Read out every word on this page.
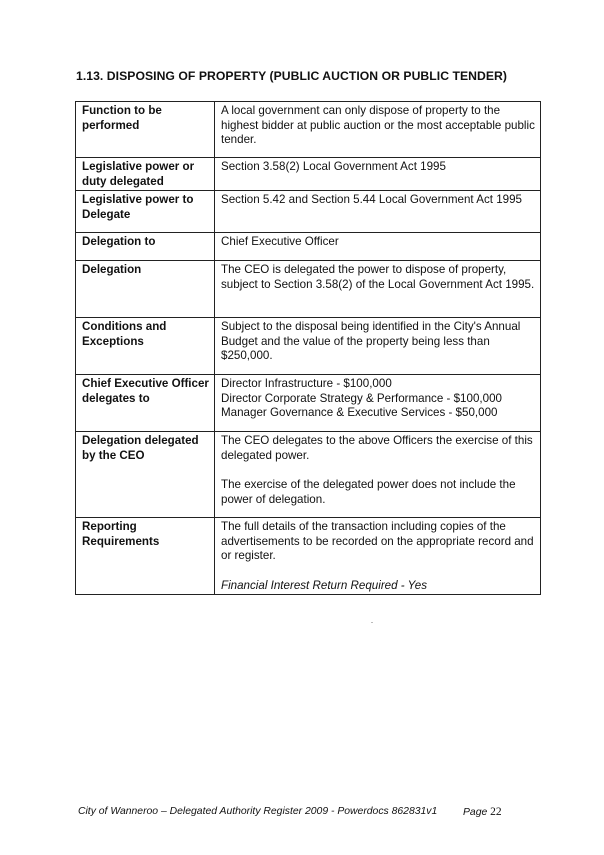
1.13. DISPOSING OF PROPERTY (PUBLIC AUCTION OR PUBLIC TENDER)
Function to be performed	A local government can only dispose of property to the highest bidder at public auction or the most acceptable public tender.

Legislative power or duty delegated	Section 3.58(2) Local Government Act 1995

Legislative power to Delegate	Section 5.42 and Section 5.44 Local Government Act 1995

Delegation to	Chief Executive Officer

Delegation	The CEO is delegated the power to dispose of property, subject to Section 3.58(2) of the Local Government Act 1995.

Conditions and Exceptions	Subject to the disposal being identified in the City's Annual Budget and the value of the property being less than $250,000.

Chief Executive Officer delegates to	Director Infrastructure - $100,000
Director Corporate Strategy & Performance - $100,000
Manager Governance & Executive Services - $50,000

Delegation delegated by the CEO	The CEO delegates to the above Officers the exercise of this delegated power.

The exercise of the delegated power does not include the power of delegation.

Reporting Requirements	The full details of the transaction including copies of the advertisements to be recorded on the appropriate record and or register.

Financial Interest Return Required - Yes

City of Wanneroo – Delegated Authority Register 2009 - Powerdocs 862831v1 Page 22
